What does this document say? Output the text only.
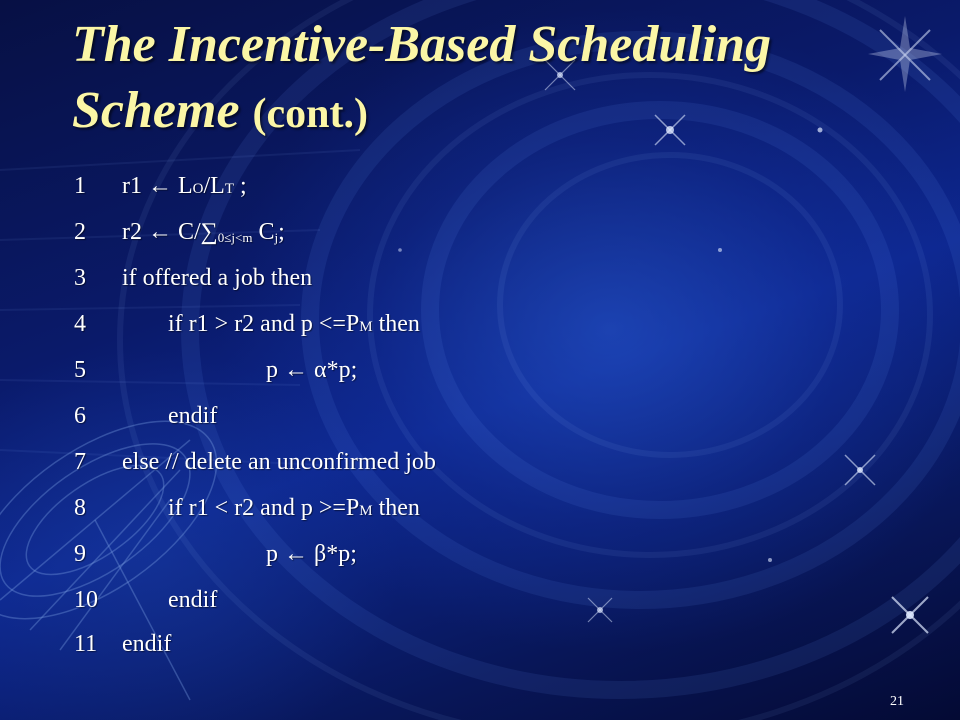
The Incentive-Based Scheduling Scheme (cont.)
1	r1 ← LO/LT ;
2	r2 ← C/∑0≤j<m Cj;
3	if offered a job then
4	if r1 > r2 and p <=PM then
5	p ← α*p;
6	endif
7	else // delete an unconfirmed job
8	if r1 < r2 and p >=PM then
9	p ← β*p;
10	endif
11	endif
21
